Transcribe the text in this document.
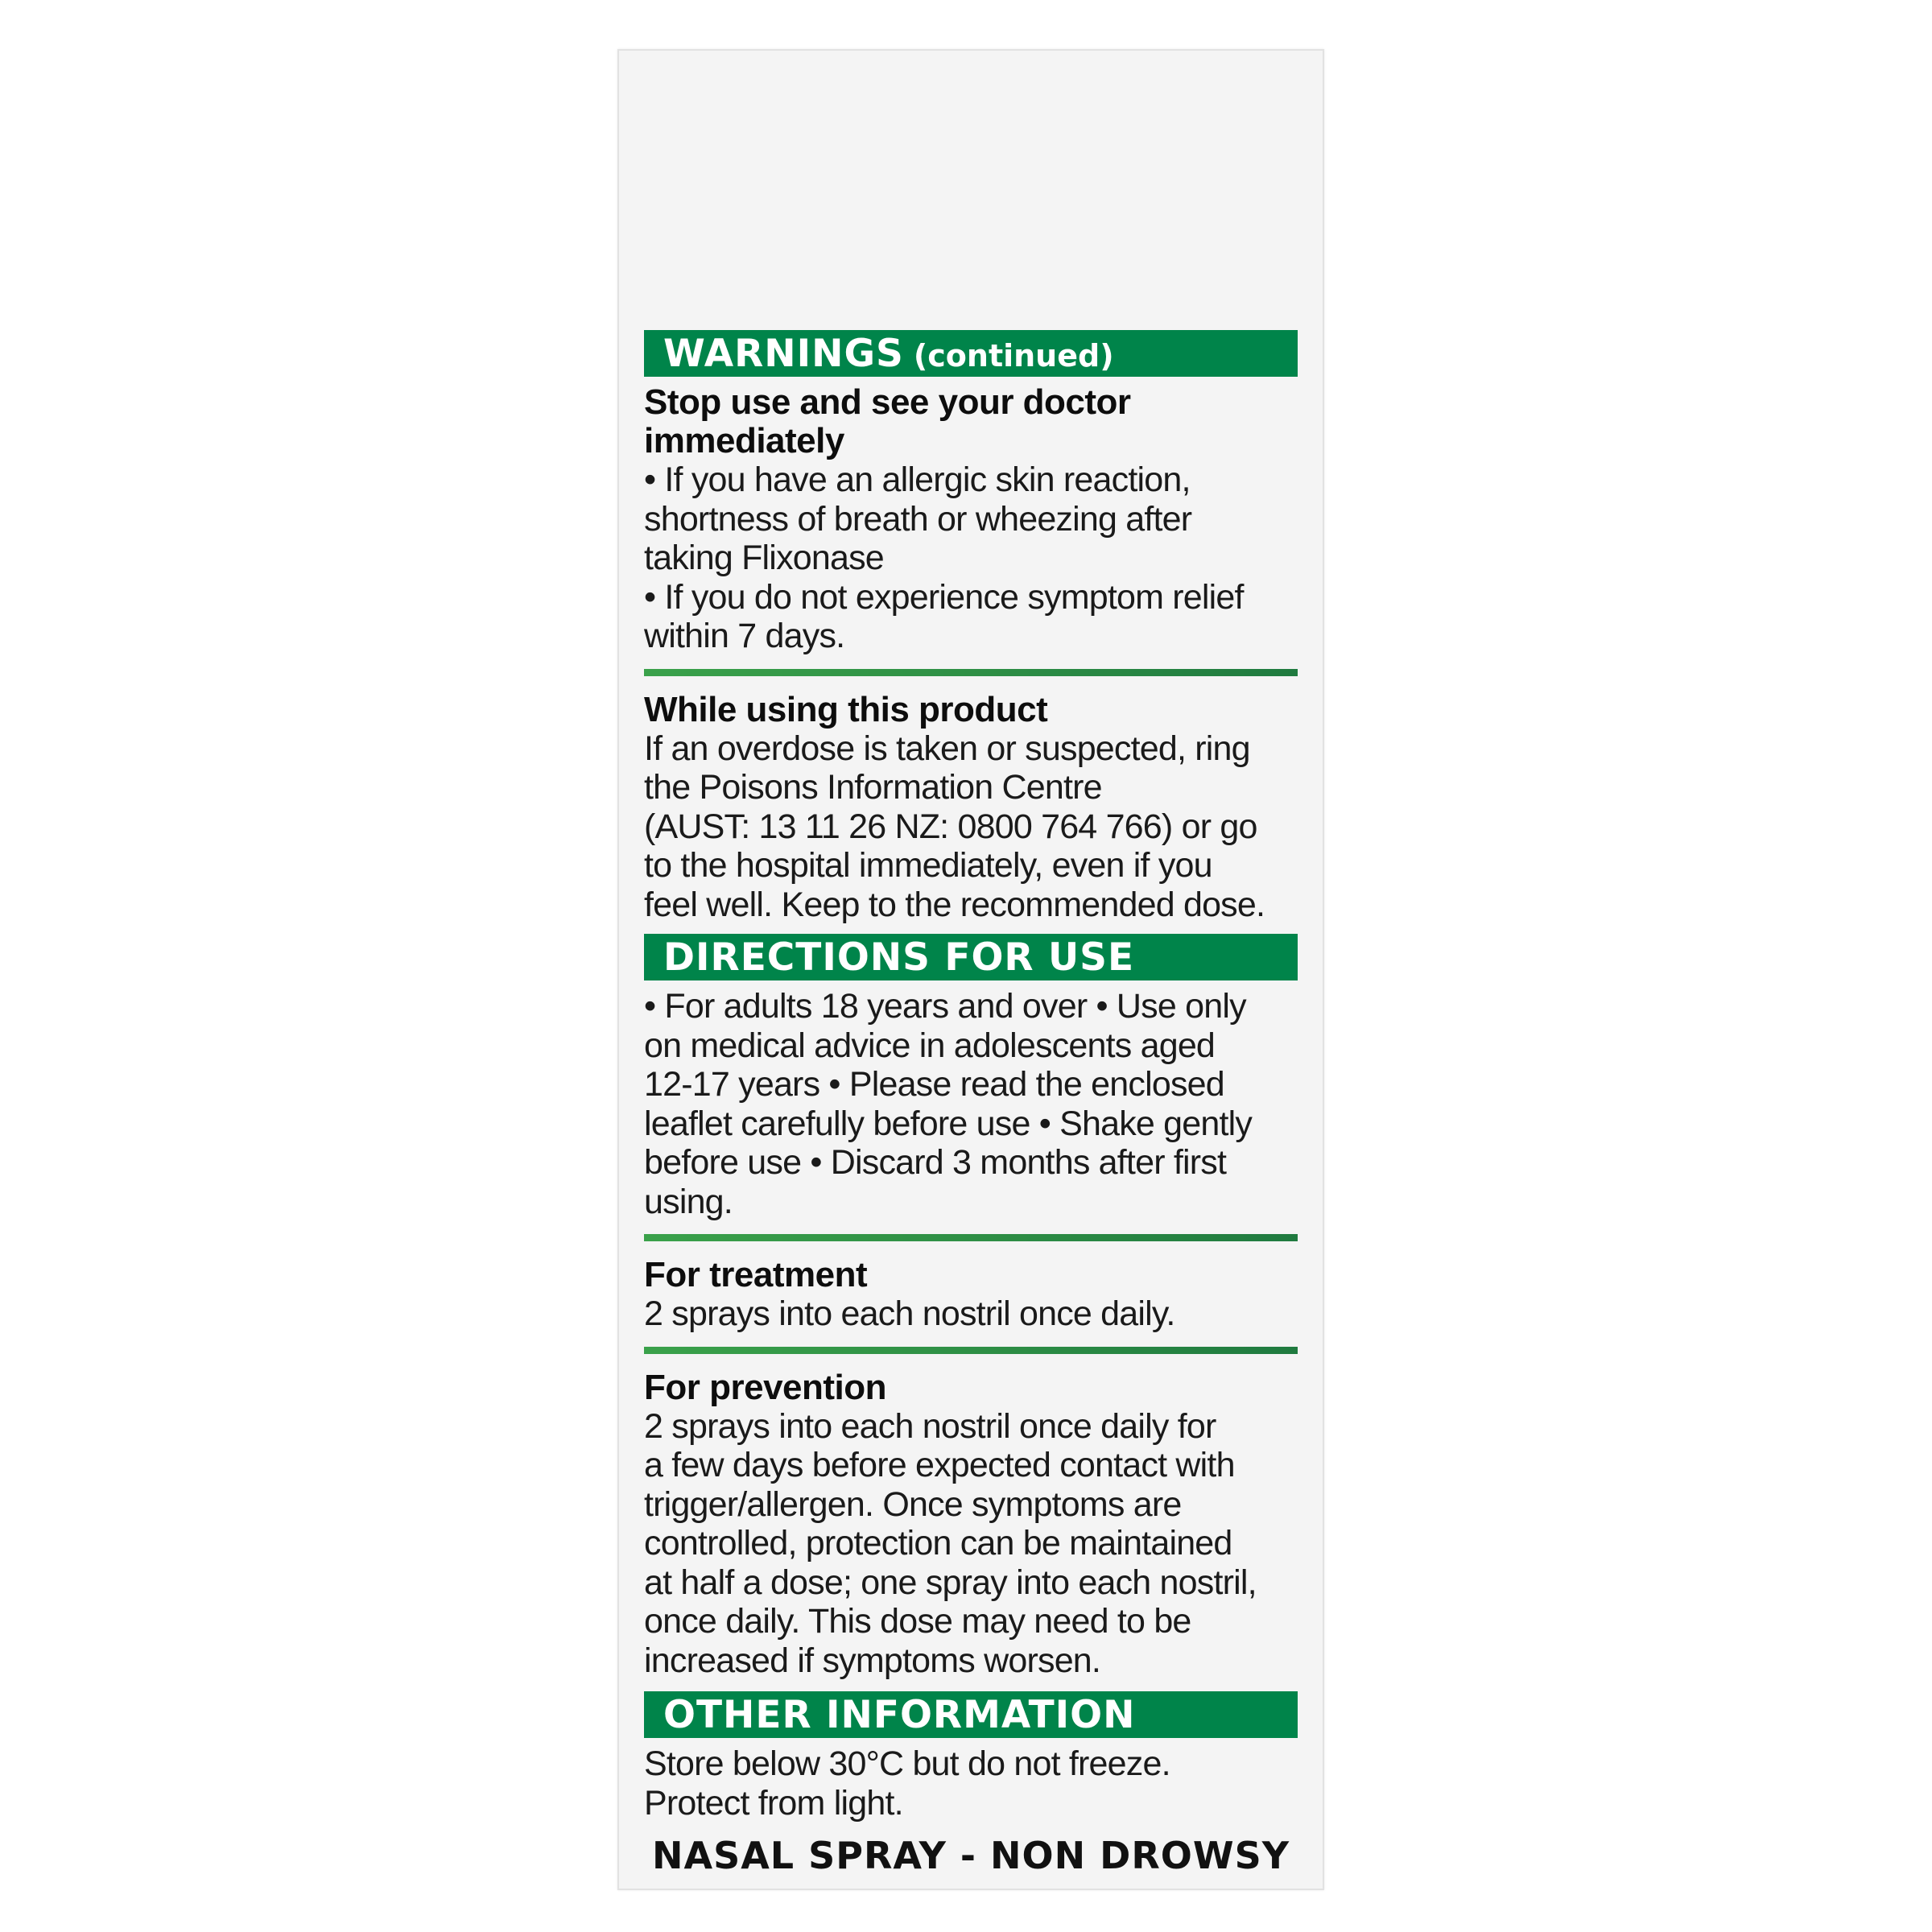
WARNINGS (continued)
Stop use and see your doctor
immediately
• If you have an allergic skin reaction,
shortness of breath or wheezing after
taking Flixonase
• If you do not experience symptom relief
within 7 days.
While using this product
If an overdose is taken or suspected, ring
the Poisons Information Centre
(AUST: 13 11 26 NZ: 0800 764 766) or go
to the hospital immediately, even if you
feel well. Keep to the recommended dose.
DIRECTIONS FOR USE
• For adults 18 years and over • Use only
on medical advice in adolescents aged
12-17 years • Please read the enclosed
leaflet carefully before use • Shake gently
before use • Discard 3 months after first
using.
For treatment
2 sprays into each nostril once daily.
For prevention
2 sprays into each nostril once daily for
a few days before expected contact with
trigger/allergen. Once symptoms are
controlled, protection can be maintained
at half a dose; one spray into each nostril,
once daily. This dose may need to be
increased if symptoms worsen.
OTHER INFORMATION
Store below 30°C but do not freeze.
Protect from light.
NASAL SPRAY - NON DROWSY
